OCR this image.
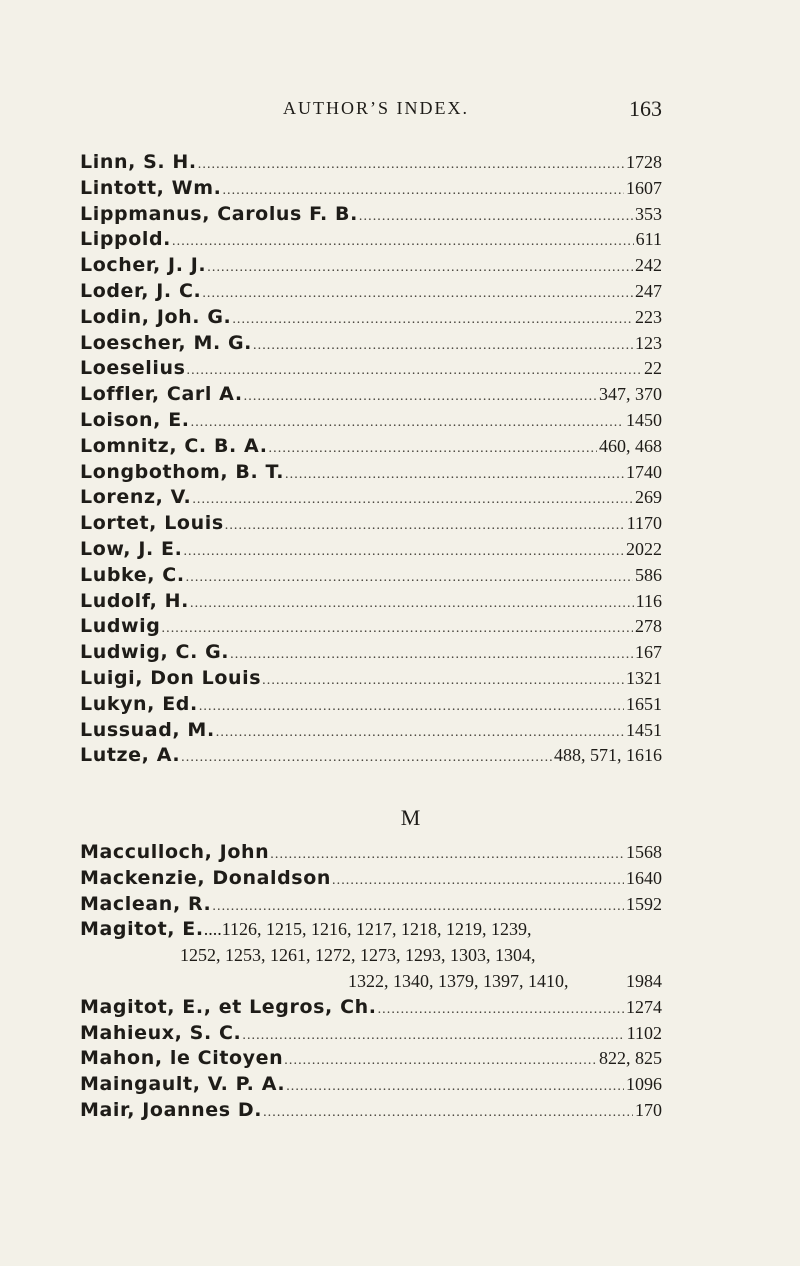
AUTHOR’S INDEX.	163
Linn, S. H. . . .	1728
Lintott, Wm. . . .	1607
Lippmanus, Carolus F. B. . . .	353
Lippold. . . .	611
Locher, J. J. . . .	242
Loder, J. C. . . .	247
Lodin, Joh. G. . . .	223
Loescher, M. G. . . .	123
Loeselius . . .	22
Loffler, Carl A. . . .	347, 370
Loison, E. . . .	1450
Lomnitz, C. B. A. . . .	460, 468
Longbothom, B. T. . . .	1740
Lorenz, V. . . .	269
Lortet, Louis . . .	1170
Low, J. E. . . .	2022
Lubke, C. . . .	586
Ludolf, H. . . .	116
Ludwig . . .	278
Ludwig, C. G. . . .	167
Luigi, Don Louis . . .	1321
Lukyn, Ed. . . .	1651
Lussuad, M. . . .	1451
Lutze, A. . . .	488, 571, 1616
M
Macculloch, John . . .	1568
Mackenzie, Donaldson . . .	1640
Maclean, R. . . .	1592
Magitot, E. ....1126, 1215, 1216, 1217, 1218, 1219, 1239,
1252, 1253, 1261, 1272, 1273, 1293, 1303, 1304,
1322, 1340, 1379, 1397, 1410,	1984
Magitot, E., et Legros, Ch. . . .	1274
Mahieux, S. C. . . .	1102
Mahon, le Citoyen . . .	822, 825
Maingault, V. P. A. . . .	1096
Mair, Joannes D. . . .	170
